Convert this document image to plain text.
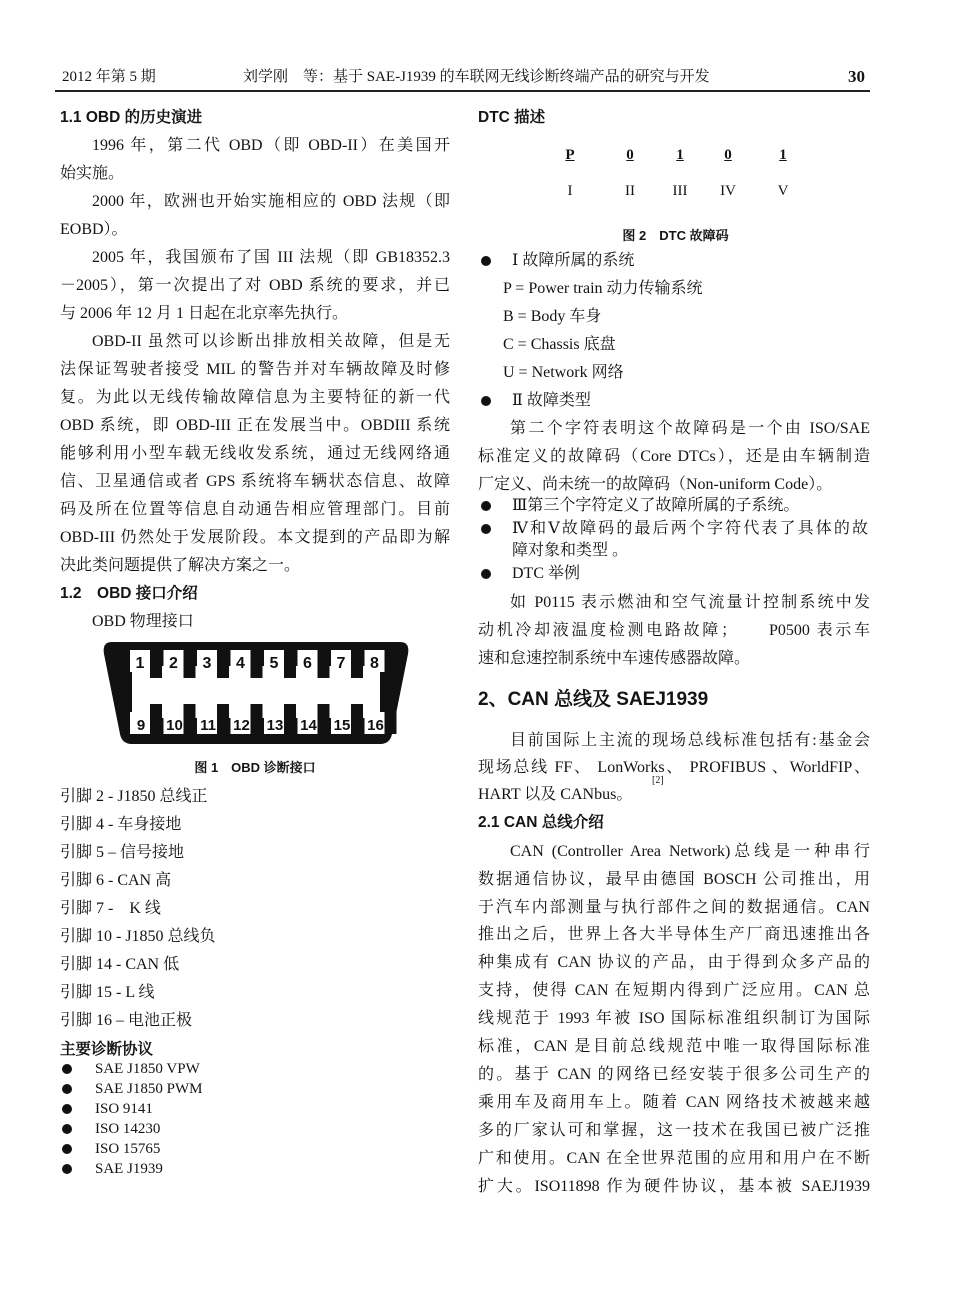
2012 年第 5 期	刘学刚　等：基于 SAE-J1939 的车联网无线诊断终端产品的研究与开发	30
1.1 OBD 的历史演进
1996 年，第二代 OBD（即 OBD-II）在美国开
始实施。
2000 年，欧洲也开始实施相应的 OBD 法规（即
EOBD）。
2005 年，我国颁布了国 III 法规（即 GB18352.3
－2005），第一次提出了对 OBD 系统的要求，并已
与 2006 年 12 月 1 日起在北京率先执行。
OBD-II 虽然可以诊断出排放相关故障，但是无
法保证驾驶者接受 MIL 的警告并对车辆故障及时修
复。为此以无线传输故障信息为主要特征的新一代
OBD 系统，即 OBD-III 正在发展当中。OBDIII 系统
能够利用小型车载无线收发系统，通过无线网络通
信、卫星通信或者 GPS 系统将车辆状态信息、故障
码及所在位置等信息自动通告相应管理部门。目前
OBD-III 仍然处于发展阶段。本文提到的产品即为解
决此类问题提供了解决方案之一。
1.2　OBD 接口介绍
OBD 物理接口
引脚 2 - J1850 总线正
引脚 4 - 车身接地
引脚 5 – 信号接地
引脚 6 - CAN 高
引脚 7 -　K 线
引脚 10 - J1850 总线负
引脚 14 - CAN 低
引脚 15 - L 线
引脚 16 – 电池正极
SAE J1850 VPW
SAE J1850 PWM
ISO 9141
ISO 14230
ISO 15765
SAE J1939
Ⅰ 故障所属的系统
P = Power train 动力传输系统
B = Body 车身
C = Chassis 底盘
U = Network 网络
Ⅱ 故障类型
第二个字符表明这个故障码是一个由 ISO/SAE
标准定义的故障码（Core DTCs），还是由车辆制造
厂定义、尚未统一的故障码（Non-uniform Code）。
Ⅲ第三个字符定义了故障所属的子系统。
Ⅳ和Ⅴ故障码的最后两个字符代表了具体的故
障对象和类型 。
DTC 举例
如 P0115 表示燃油和空气流量计控制系统中发
动机冷却液温度检测电路故障；　　P0500 表示车
速和怠速控制系统中车速传感器故障。
2、CAN 总线及 SAEJ1939
目前国际上主流的现场总线标准包括有:基金会
现场总线 FF、 LonWorks、 PROFIBUS 、WorldFIP、
HART 以及 CANbus。
[2]
2.1 CAN 总线介绍
CAN (Controller Area Network)总线是一种串行
数据通信协议，最早由德国 BOSCH 公司推出，用
于汽车内部测量与执行部件之间的数据通信。CAN
推出之后，世界上各大半导体生产厂商迅速推出各
种集成有 CAN 协议的产品，由于得到众多产品的
支持，使得 CAN 在短期内得到广泛应用。CAN 总
线规范于 1993 年被 ISO 国际标准组织制订为国际
标准，CAN 是目前总线规范中唯一取得国际标准
的。基于 CAN 的网络已经安装于很多公司生产的
乘用车及商用车上。随着 CAN 网络技术被越来越
多的厂家认可和掌握，这一技术在我国已被广泛推
广和使用。CAN 在全世界范围的应用和用户在不断
扩大。ISO11898 作为硬件协议，基本被 SAEJ1939
1 2 3 4 5 6 7 8
9 10 11 12 13 14 15 16
图 1　OBD 诊断接口
主要诊断协议
DTC 描述
P	0	1	0	1
I	II	III IV	V
图 2　DTC 故障码
